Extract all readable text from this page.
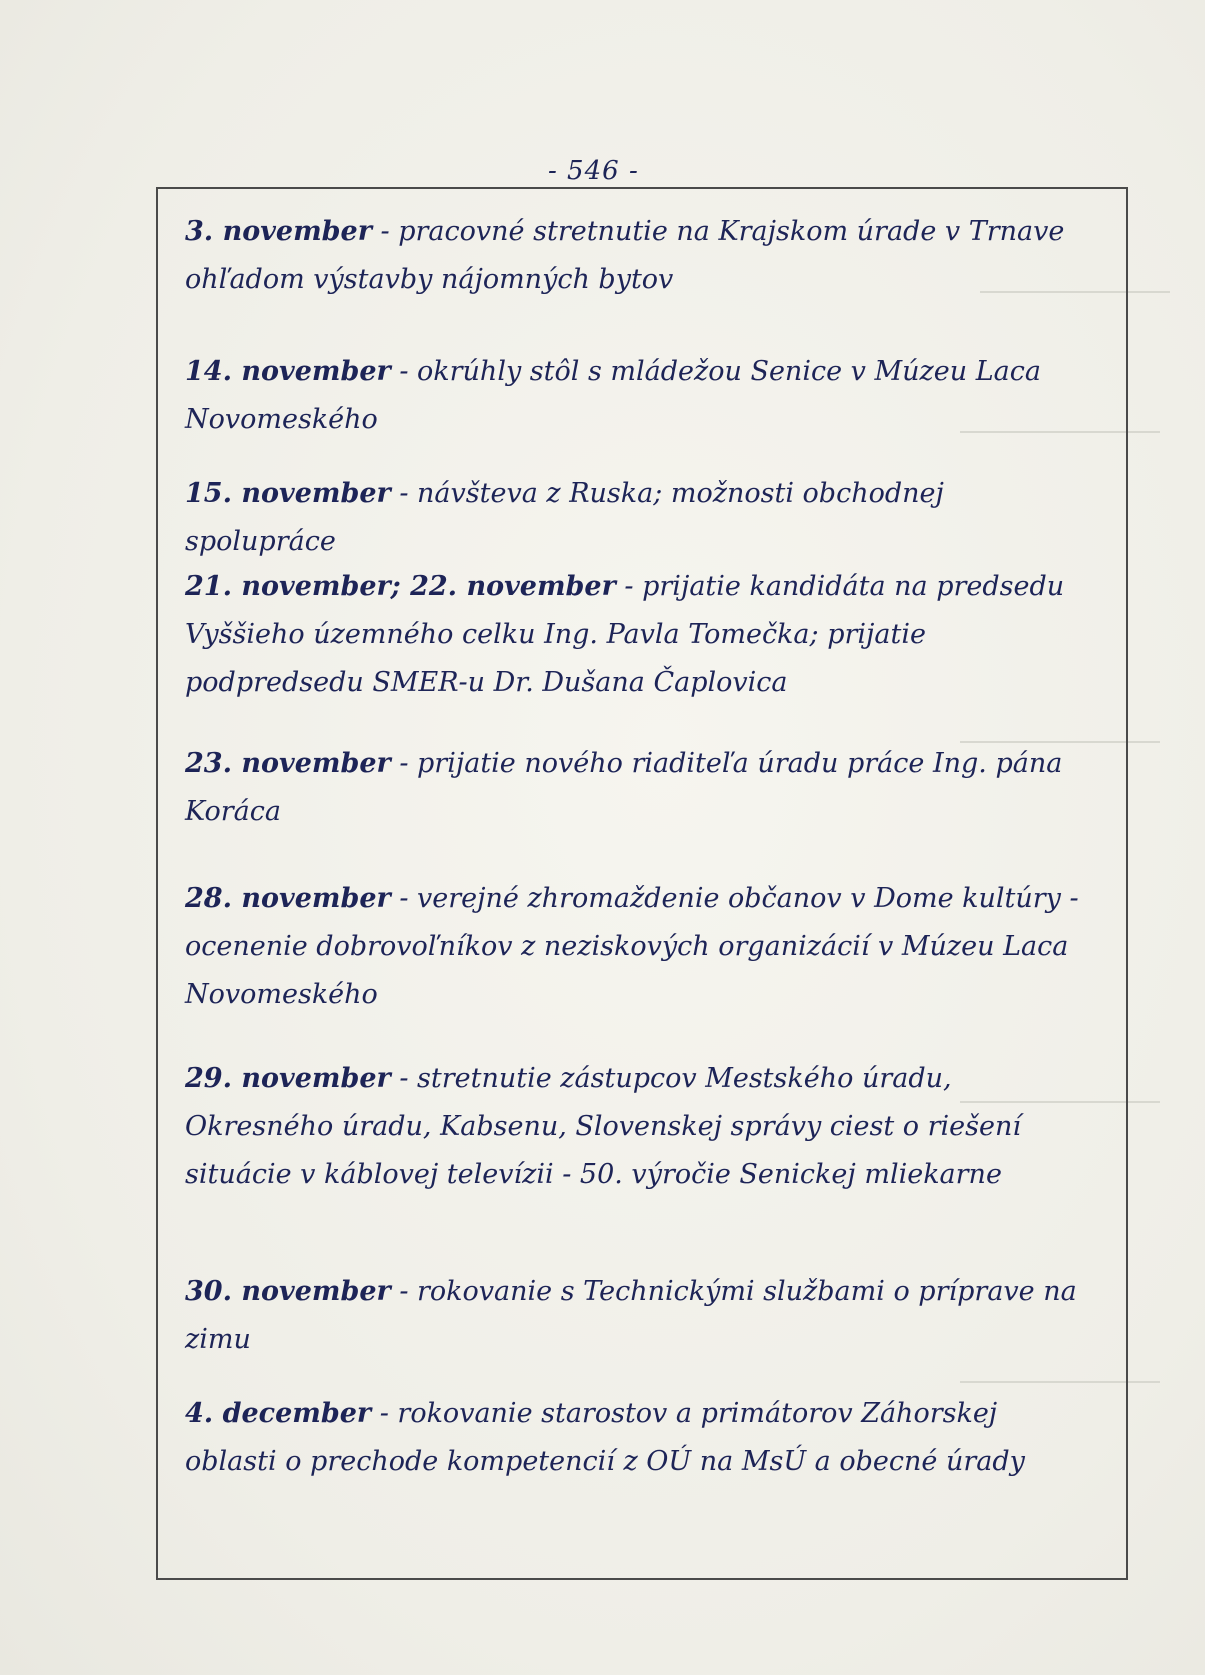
- 546 -
3. november - pracovné stretnutie na Krajskom úrade v Trnave ohľadom výstavby nájomných bytov
14. november - okrúhly stôl s mládežou Senice v Múzeu Laca Novomeského
15. november - návšteva z Ruska; možnosti obchodnej spolupráce
21. november; 22. november - prijatie kandidáta na predsedu Vyššieho územného celku Ing. Pavla Tomečka; prijatie podpredsedu SMER-u Dr. Dušana Čaplovica
23. november - prijatie nového riaditeľa úradu práce Ing. pána Koráca
28. november - verejné zhromaždenie občanov v Dome kultúry - ocenenie dobrovoľníkov z neziskových organizácií v Múzeu Laca Novomeského
29. november - stretnutie zástupcov Mestského úradu, Okresného úradu, Kabsenu, Slovenskej správy ciest o riešení situácie v káblovej televízii - 50. výročie Senickej mliekarne
30. november - rokovanie s Technickými službami o príprave na zimu
4. december - rokovanie starostov a primátorov Záhorskej oblasti o prechode kompetencií z OÚ na MsÚ a obecné úrady
